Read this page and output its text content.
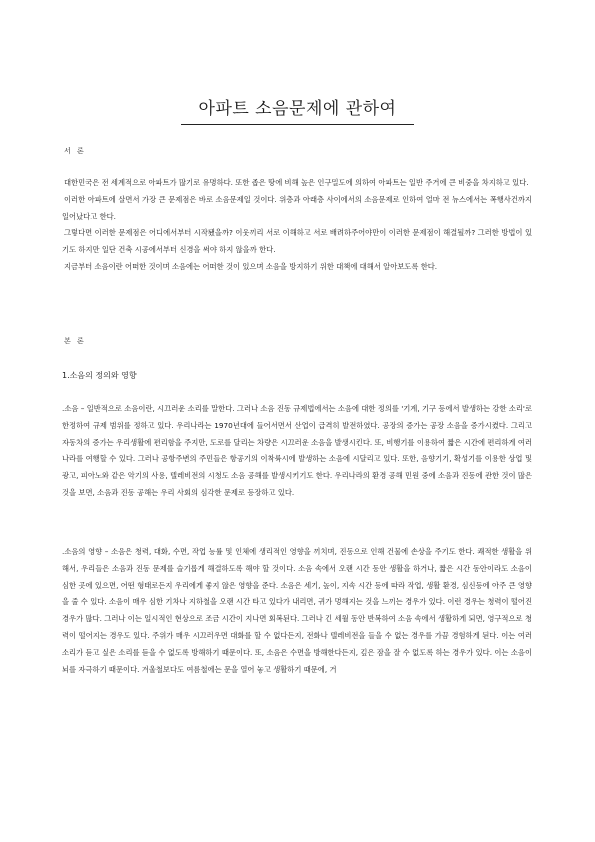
아파트 소음문제에 관하여
서 론

대한민국은 전 세계적으로 아파트가 많기로 유명하다. 또한 좁은 땅에 비해 높은 인구밀도에 의하여 아파트는 일반 주거에 큰 비중을 차지하고 있다.

이러한 아파트에 살면서 가장 큰 문제점은 바로 소음문제일 것이다. 위층과 아래층 사이에서의 소음문제로 인하여 얼마 전 뉴스에서는 폭행사건까지 일어났다고 한다.

그렇다면 이러한 문제점은 어디에서부터 시작됐을까? 이웃끼리 서로 이해하고 서로 배려하주어야만이 이러한 문제점이 해결될까? 그러한 방법이 있기도 하지만 일단 건축 시공에서부터 신경을 써야 하지 않을까 한다.

지금부터 소음이란 어떠한 것이며 소음에는 어떠한 것이 있으며 소음을 방지하기 위한 대책에 대해서 알아보도록 한다.

본 론
1.소음의 정의와 영향

.소음 – 일반적으로 소음이란, 시끄러운 소리를 말한다. 그러나 소음 진동 규제법에서는 소음에 대한 정의를 '기계, 기구 등에서 발생하는 강한 소리'로 한정하여 규제 범위를 정하고 있다. 우리나라는 1970년대에 들어서면서 산업이 급격히 발전하였다. 공장의 증가는 공장 소음을 증가시켰다. 그리고 자동차의 증가는 우리생활에 편리함을 주지만, 도로를 달리는 차량은 시끄러운 소음을 발생시킨다. 또, 비행기를 이용하여 짧은 시간에 편리하게 여러 나라를 여행할 수 있다. 그러나 공항주변의 주민들은 항공기의 이착륙시에 발생하는 소음에 시달리고 있다. 또한, 음향기기, 확성기를 이용한 상업 및 광고, 피아노와 같은 악기의 사용, 텔레비전의 시청도 소음 공해를 발생시키기도 한다. 우리나라의 환경 공해 민원 중에 소음과 진동에 관한 것이 많은 것을 보면, 소음과 진동 공해는 우리 사회의 심각한 문제로 등장하고 있다.

.소음의 영향 – 소음은 청력, 대화, 수면, 작업 능률 및 인체에 생리적인 영향을 끼치며, 진동으로 인해 건물에 손상을 주기도 한다. 쾌적한 생활을 위해서, 우리들은 소음과 진동 문제를 슬기롭게 해결하도록 해야 할 것이다. 소음 속에서 오랜 시간 동안 생활을 하거나, 짧은 시간 동안이라도 소음이 심한 곳에 있으면, 어떤 형태로든지 우리에게 좋지 않은 영향을 준다. 소음은 세기, 높이, 지속 시간 등에 따라 작업, 생활 환경, 심신등에 아주 큰 영향을 줄 수 있다. 소음이 매우 심한 기차나 지하철을 오랜 시간 타고 있다가 내리면, 귀가 멍해지는 것을 느끼는 경우가 있다. 이런 경우는 청력이 떨어진 경우가 많다. 그러나 이는 일시적인 현상으로 조금 시간이 지나면 회복된다. 그러나 긴 세월 동안 반복하여 소음 속에서 생활하게 되면, 영구적으로 청력이 떨어지는 경우도 있다. 주위가 매우 시끄러우면 대화를 할 수 없다든지, 전화나 텔레비전을 들을 수 없는 경우를 가끔 경험하게 된다. 이는 여러 소리가 듣고 싶은 소리를 듣을 수 없도록 방해하기 때문이다. 또, 소음은 수면을 방해한다든지, 깊은 잠을 잘 수 없도록 하는 경우가 있다. 이는 소음이 뇌를 자극하기 때문이다. 겨울철보다도 여름철에는 문을 열어 놓고 생활하기 때문에, 거
